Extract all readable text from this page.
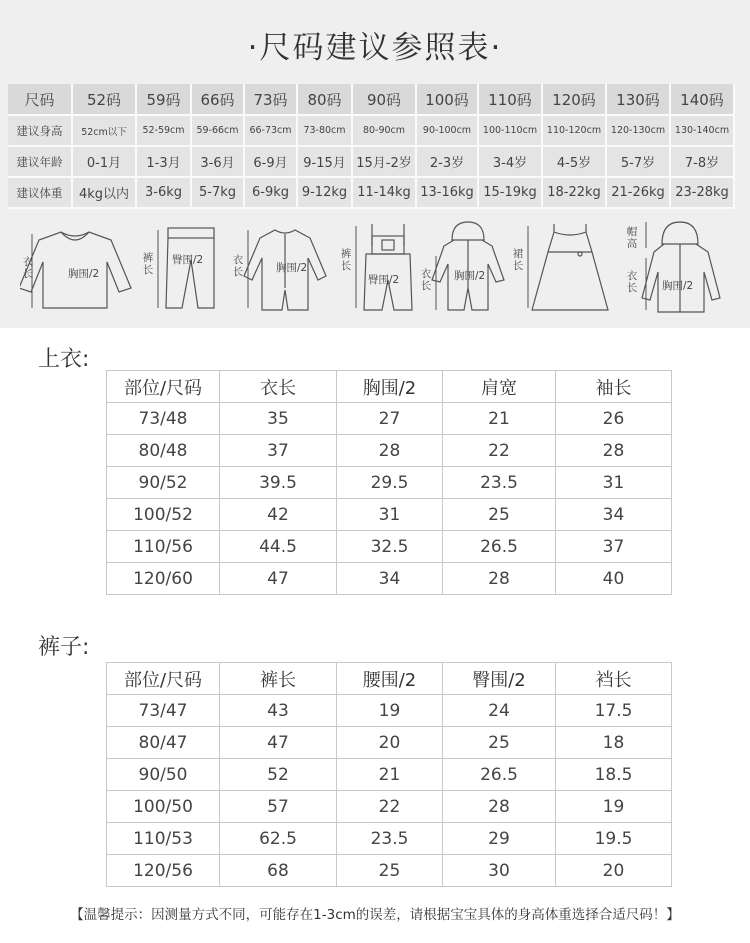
·尺码建议参照表·
尺码	52码	59码	66码	73码	80码	90码	100码	110码	120码	130码	140码
建议身高	52cm以下	52-59cm	59-66cm	66-73cm	73-80cm	80-90cm	90-100cm	100-110cm	110-120cm	120-130cm	130-140cm
建议年龄	0-1月	1-3月	3-6月	6-9月	9-15月	15月-2岁	2-3岁	3-4岁	4-5岁	5-7岁	7-8岁
建议体重	4kg以内	3-6kg	5-7kg	6-9kg	9-12kg	11-14kg	13-16kg	15-19kg	18-22kg	21-26kg	23-28kg
衣长	胸围/2
裤长
臀围/2	衣长	胸围/2
裤长
臀围/2 衣长
胸围/2
裙长
帽高
衣长 胸围/2
上衣:
部位/尺码	衣长	胸围/2	肩宽	袖长
73/48	35	27	21	26
80/48	37	28	22	28
90/52	39.5	29.5	23.5	31
100/52	42	31	25	34
110/56	44.5	32.5	26.5	37
120/60	47	34	28	40
裤子:
部位/尺码	裤长	腰围/2	臀围/2	裆长
73/47	43	19	24	17.5
80/47	47	20	25	18
90/50	52	21	26.5	18.5
100/50	57	22	28	19
110/53	62.5	23.5	29	19.5
120/56	68	25	30	20
【温馨提示：因测量方式不同，可能存在1-3cm的误差，请根据宝宝具体的身高体重选择合适尺码！】
